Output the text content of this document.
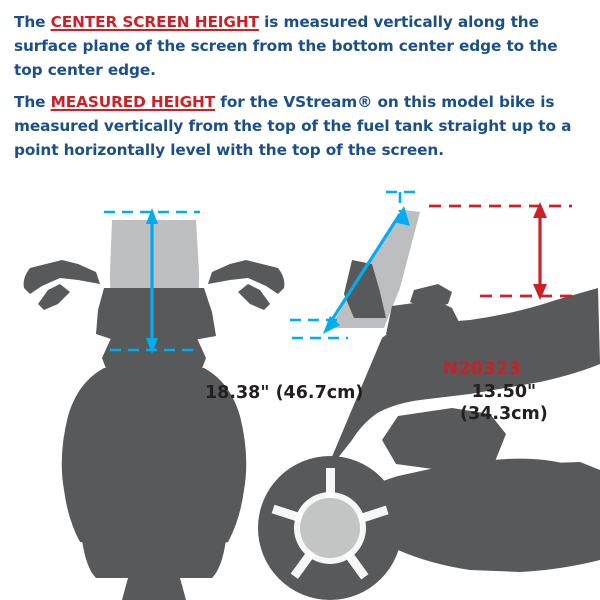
The CENTER SCREEN HEIGHT is measured vertically along the surface plane of the screen from the bottom center edge to the top center edge.
The MEASURED HEIGHT for the VStream® on this model bike is measured vertically from the top of the fuel tank straight up to a point horizontally level with the top of the screen.
18.38" (46.7cm)
N20323
13.50"
(34.3cm)
